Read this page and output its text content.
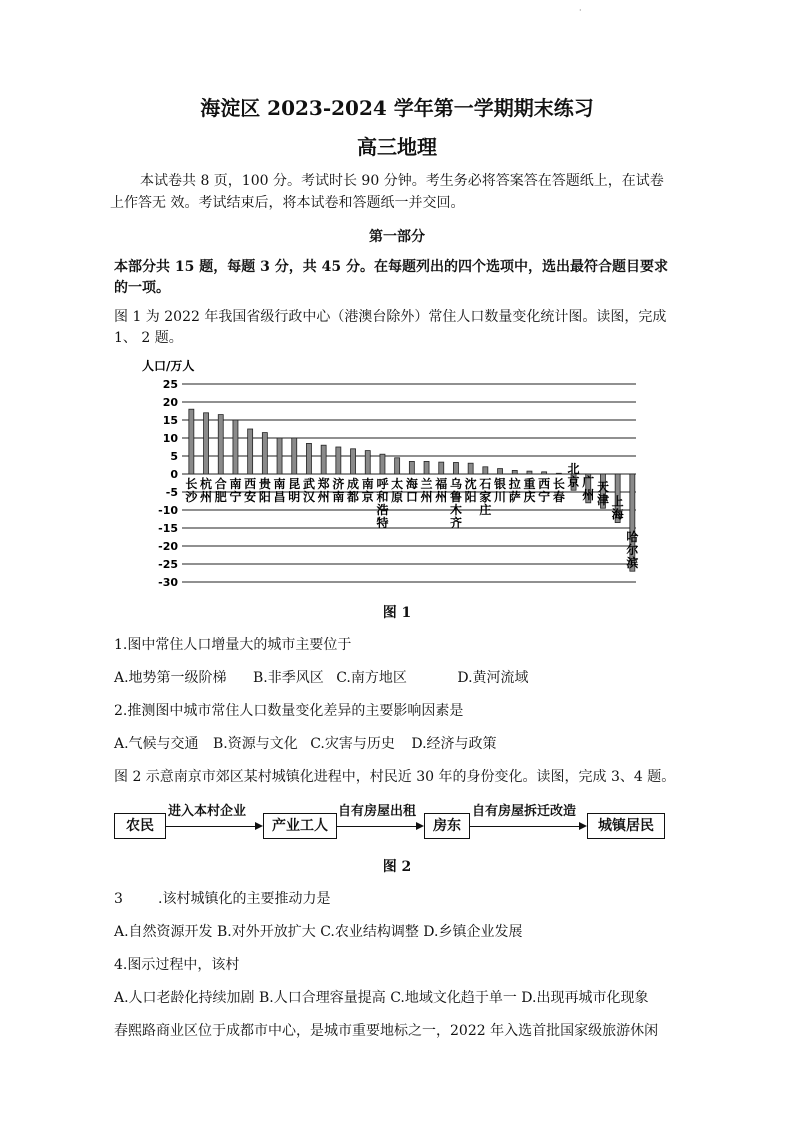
·
海淀区 2023-2024 学年第一学期期末练习
高三地理
本试卷共 8 页，100 分。考试时长 90 分钟。考生务必将答案答在答题纸上，在试卷
上作答无 效。考试结束后，将本试卷和答题纸一并交回。
第一部分
本部分共 15 题，每题 3 分，共 45 分。在每题列出的四个选项中，选出最符合题目要求
的一项。
图 1 为 2022 年我国省级行政中心（港澳台除外）常住人口数量变化统计图。读图，完成
1、 2 题。
人口/万人
25
20
15
10
5
0
-5
-10
-15
-20
-25
-30
长沙
杭州
合肥
南宁
西安
贵阳
南昌
昆明
武汉
郑州
济南
成都
南京
呼和浩特
太原
海口
兰州
福州
乌鲁木齐
沈阳
石家庄
银川
拉萨
重庆
西宁
长春
北京 广州
天津 上海
哈尔滨
图 1
1.图中常住人口增量大的城市主要位于
A.地势第一级阶梯 B.非季风区 C.南方地区	D.黄河流域
2.推测图中城市常住人口数量变化差异的主要影响因素是
A.气候与交通 B.资源与文化 C.灾害与历史 D.经济与政策
图 2 示意南京市郊区某村城镇化进程中，村民近 30 年的身份变化。读图，完成 3、4 题。
农民
进入本村企业
产业工人
自有房屋出租
房东
自有房屋拆迁改造
城镇居民
图 2
3	.该村城镇化的主要推动力是
A.自然资源开发 B.对外开放扩大 C.农业结构调整 D.乡镇企业发展
4.图示过程中，该村
A.人口老龄化持续加剧 B.人口合理容量提高 C.地域文化趋于单一 D.出现再城市化现象
春熙路商业区位于成都市中心，是城市重要地标之一，2022 年入选首批国家级旅游休闲
